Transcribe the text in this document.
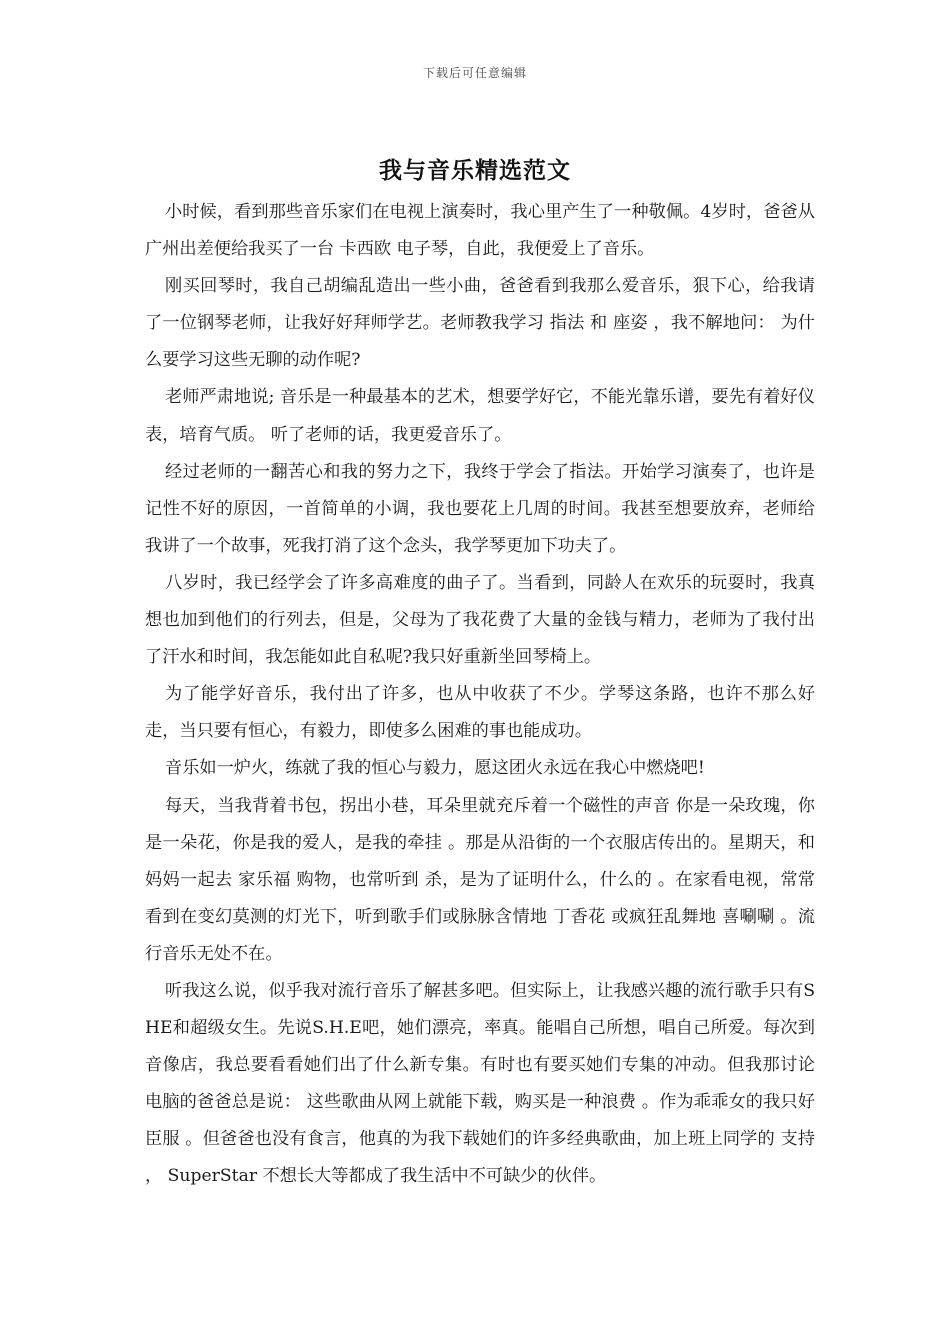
下载后可任意编辑
我与音乐精选范文

小时候，看到那些音乐家们在电视上演奏时，我心里产生了一种敬佩。4岁时，爸爸从广州出差便给我买了一台 卡西欧 电子琴，自此，我便爱上了音乐。

刚买回琴时，我自己胡编乱造出一些小曲，爸爸看到我那么爱音乐，狠下心，给我请了一位钢琴老师，让我好好拜师学艺。老师教我学习 指法 和 座姿 ，我不解地问： 为什么要学习这些无聊的动作呢?

老师严肃地说; 音乐是一种最基本的艺术，想要学好它，不能光靠乐谱，要先有着好仪表，培育气质。 听了老师的话，我更爱音乐了。

经过老师的一翻苦心和我的努力之下，我终于学会了指法。开始学习演奏了，也许是记性不好的原因，一首简单的小调，我也要花上几周的时间。我甚至想要放弃，老师给我讲了一个故事，死我打消了这个念头，我学琴更加下功夫了。

八岁时，我已经学会了许多高难度的曲子了。当看到，同龄人在欢乐的玩耍时，我真想也加到他们的行列去，但是，父母为了我花费了大量的金钱与精力，老师为了我付出了汗水和时间，我怎能如此自私呢?我只好重新坐回琴椅上。

为了能学好音乐，我付出了许多，也从中收获了不少。学琴这条路，也许不那么好走，当只要有恒心，有毅力，即使多么困难的事也能成功。

音乐如一炉火，练就了我的恒心与毅力，愿这团火永远在我心中燃烧吧!

每天，当我背着书包，拐出小巷，耳朵里就充斥着一个磁性的声音 你是一朵玫瑰，你是一朵花，你是我的爱人，是我的牵挂 。那是从沿街的一个衣服店传出的。星期天，和妈妈一起去 家乐福 购物，也常听到 杀，是为了证明什么，什么的 。在家看电视，常常看到在变幻莫测的灯光下，听到歌手们或脉脉含情地 丁香花 或疯狂乱舞地 喜唰唰 。流行音乐无处不在。

听我这么说，似乎我对流行音乐了解甚多吧。但实际上，让我感兴趣的流行歌手只有SHE和超级女生。先说S.H.E吧，她们漂亮，率真。能唱自己所想，唱自己所爱。每次到音像店，我总要看看她们出了什么新专集。有时也有要买她们专集的冲动。但我那讨论电脑的爸爸总是说： 这些歌曲从网上就能下载，购买是一种浪费 。作为乖乖女的我只好 臣服 。但爸爸也没有食言，他真的为我下载她们的许多经典歌曲，加上班上同学的 支持 ， SuperStar 不想长大等都成了我生活中不可缺少的伙伴。
